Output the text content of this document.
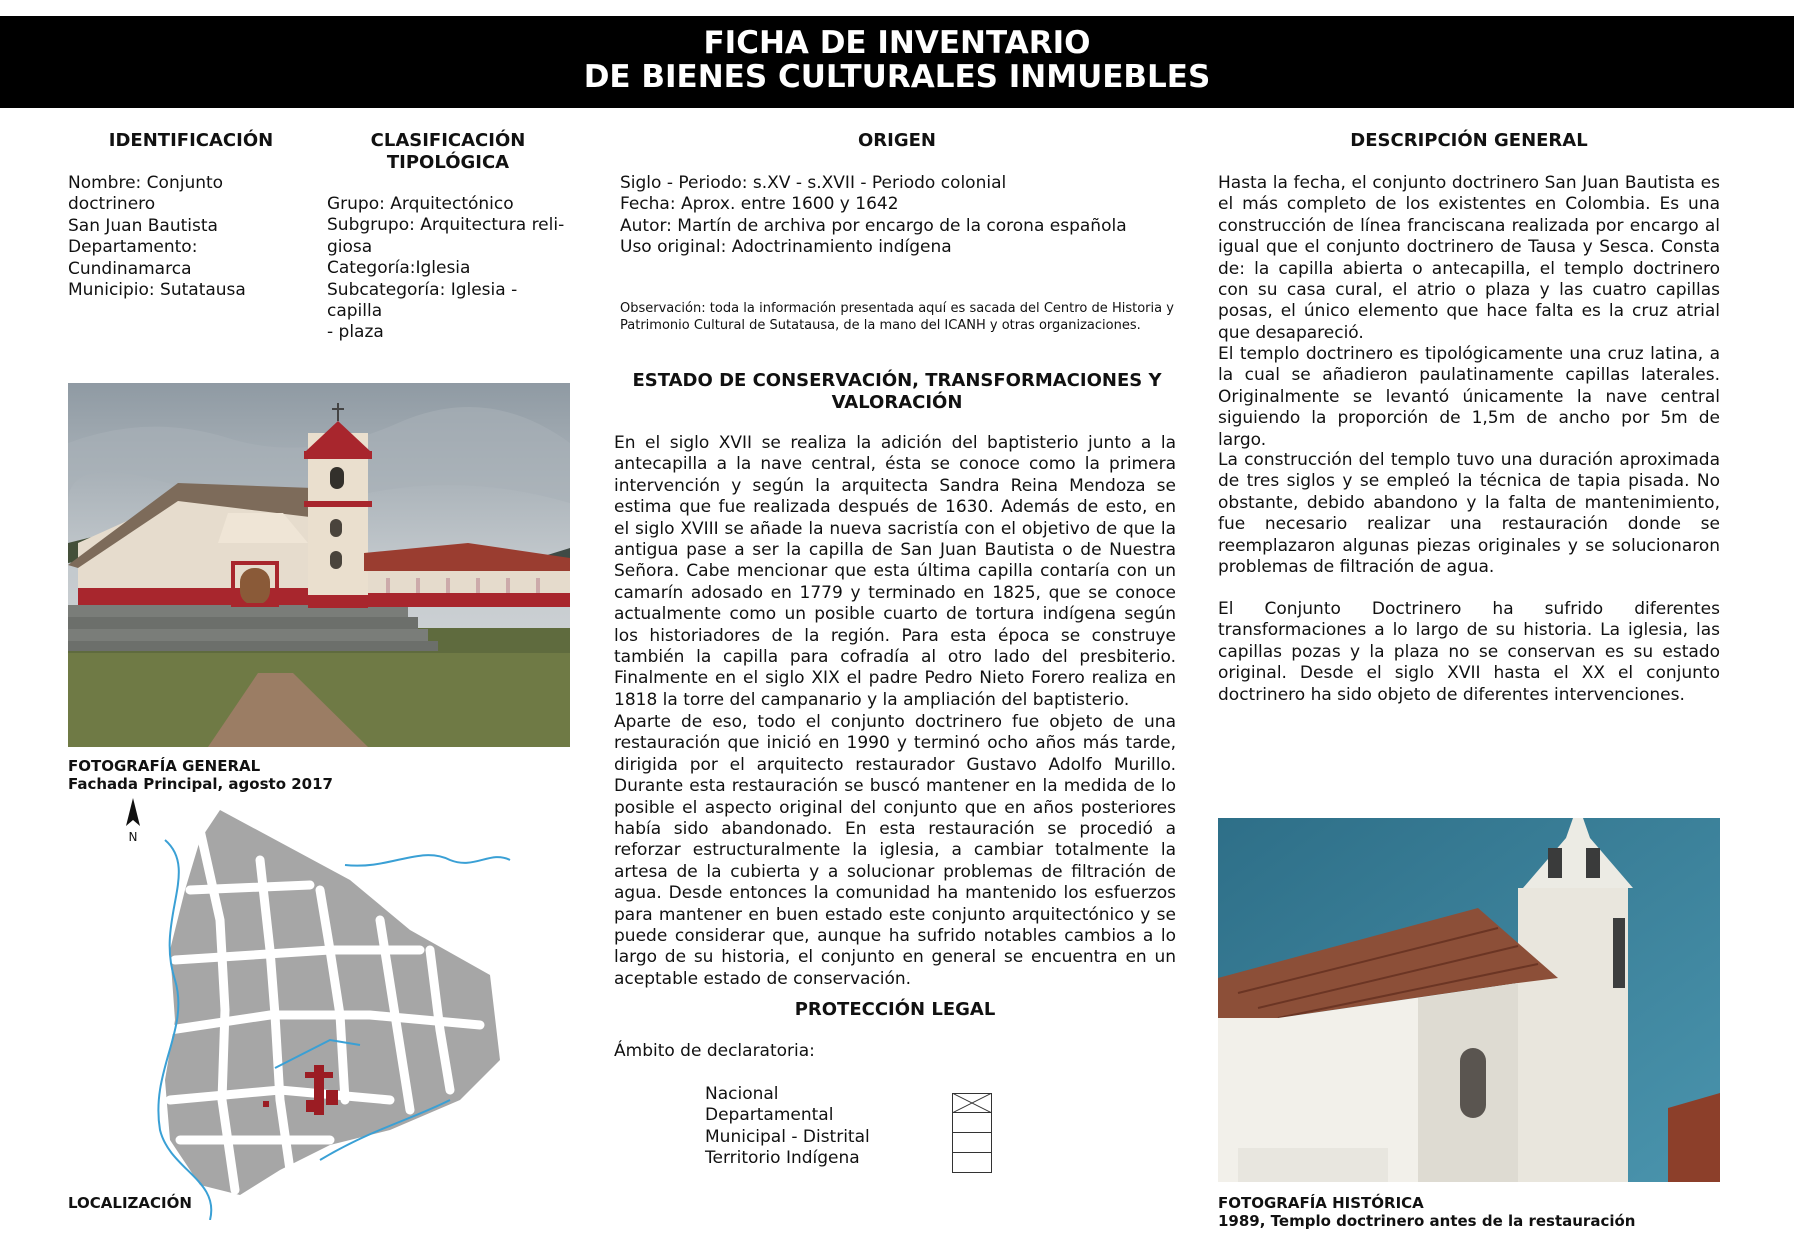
FICHA DE INVENTARIO
DE BIENES CULTURALES INMUEBLES
IDENTIFICACIÓN
Nombre: Conjunto doctrinero
San Juan Bautista
Departamento: Cundinamarca
Municipio: Sutatausa
CLASIFICACIÓN
TIPOLÓGICA
Grupo: Arquitectónico
Subgrupo: Arquitectura reli-
giosa
Categoría:Iglesia
Subcategoría: Iglesia - capilla
- plaza
ORIGEN
Siglo - Periodo: s.XV - s.XVII - Periodo colonial
Fecha: Aprox. entre 1600 y 1642
Autor: Martín de archiva por encargo de la corona española
Uso original: Adoctrinamiento indígena
Observación: toda la información presentada aquí es sacada del Centro de Historia y Patrimonio Cultural de Sutatausa, de la mano del ICANH y otras organizaciones.
ESTADO DE CONSERVACIÓN, TRANSFORMACIONES Y
VALORACIÓN
En el siglo XVII se realiza la adición del baptisterio junto a la antecapilla a la nave central, ésta se conoce como la primera intervención y según la arquitecta Sandra Reina Mendoza se estima que fue realizada después de 1630. Además de esto, en el siglo XVIII se añade la nueva sacristía con el objetivo de que la antigua pase a ser la capilla de San Juan Bautista o de Nuestra Señora. Cabe mencionar que esta última capilla contaría con un camarín adosado en 1779 y terminado en 1825, que se conoce actualmente como un posible cuarto de tortura indígena según los historiadores de la región. Para esta época se construye también la capilla para cofradía al otro lado del presbiterio. Finalmente en el siglo XIX el padre Pedro Nieto Forero realiza en 1818 la torre del campanario y la ampliación del baptisterio.
Aparte de eso, todo el conjunto doctrinero fue objeto de una restauración que inició en 1990 y terminó ocho años más tarde, dirigida por el arquitecto restaurador Gustavo Adolfo Murillo. Durante esta restauración se buscó mantener en la medida de lo posible el aspecto original del conjunto que en años posteriores había sido abandonado. En esta restauración se procedió a reforzar estructuralmente la iglesia, a cambiar totalmente la artesa de la cubierta y a solucionar problemas de filtración de agua. Desde entonces la comunidad ha mantenido los esfuerzos para mantener en buen estado este conjunto arquitectónico y se puede considerar que, aunque ha sufrido notables cambios a lo largo de su historia, el conjunto en general se encuentra en un aceptable estado de conservación.
PROTECCIÓN LEGAL
Ámbito de declaratoria:
Nacional
Departamental
Municipal - Distrital
Territorio Indígena
DESCRIPCIÓN GENERAL
Hasta la fecha, el conjunto doctrinero San Juan Bautista es el más completo de los existentes en Colombia. Es una construcción de línea franciscana realizada por encargo al igual que el conjunto doctrinero de Tausa y Sesca. Consta de: la capilla abierta o antecapilla, el templo doctrinero con su casa cural, el atrio o plaza y las cuatro capillas posas, el único elemento que hace falta es la cruz atrial que desapareció.
El templo doctrinero es tipológicamente una cruz latina, a la cual se añadieron paulatinamente capillas laterales. Originalmente se levantó únicamente la nave central siguiendo la proporción de 1,5m de ancho por 5m de largo.
La construcción del templo tuvo una duración aproximada de tres siglos y se empleó la técnica de tapia pisada. No obstante, debido abandono y la falta de mantenimiento, fue necesario realizar una restauración donde se reemplazaron algunas piezas originales y se solucionaron problemas de filtración de agua.
El Conjunto Doctrinero ha sufrido diferentes transformaciones a lo largo de su historia. La iglesia, las capillas pozas y la plaza no se conservan es su estado original. Desde el siglo XVII hasta el XX el conjunto doctrinero ha sido objeto de diferentes intervenciones.
FOTOGRAFÍA GENERAL
Fachada Principal, agosto 2017
N
LOCALIZACIÓN	FOTOGRAFÍA HISTÓRICA
1989, Templo doctrinero antes de la restauración
